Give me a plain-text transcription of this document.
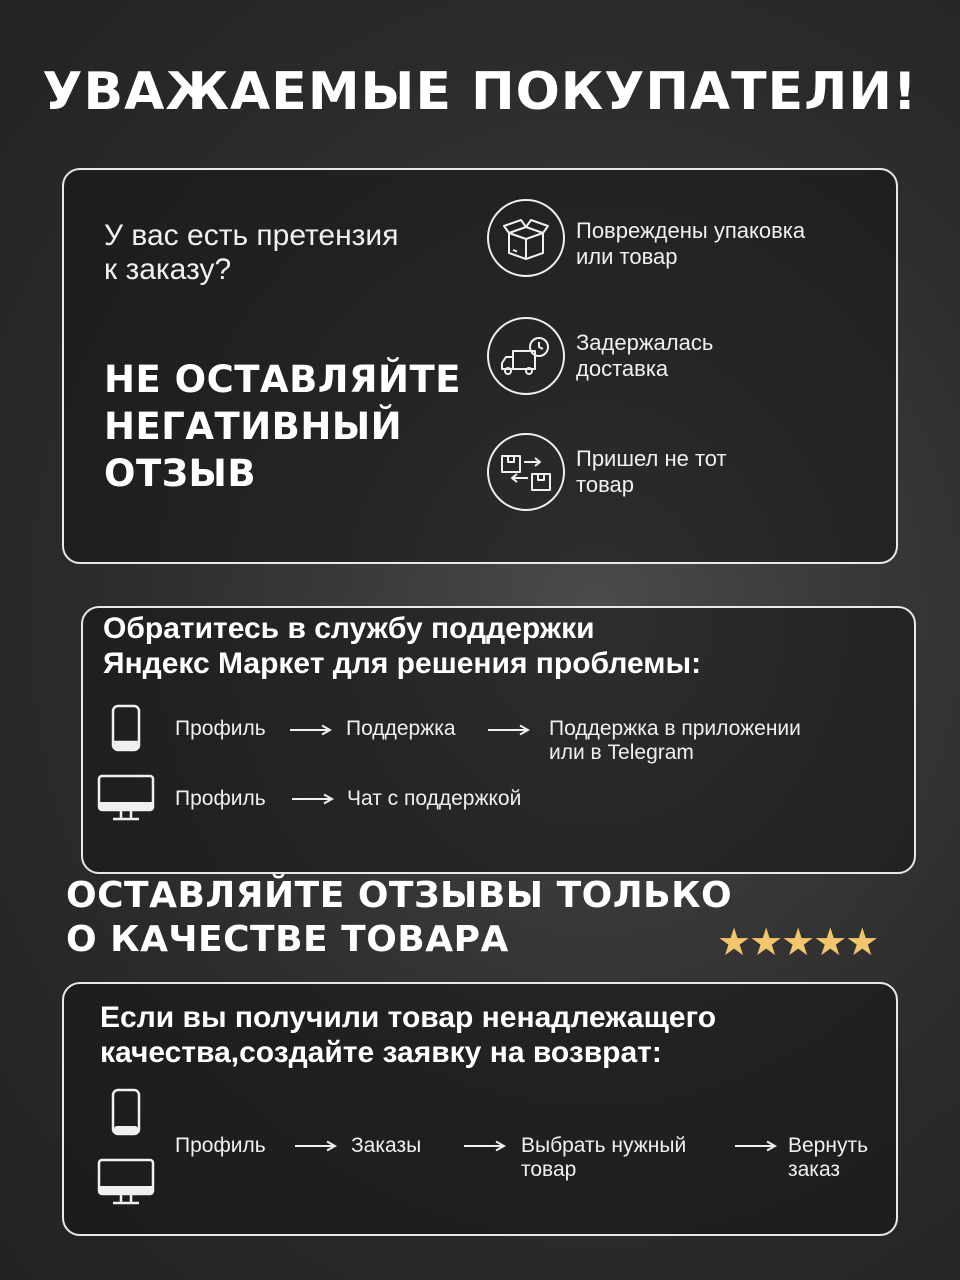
УВАЖАЕМЫЕ ПОКУПАТЕЛИ!
У вас есть претензия
к заказу?
НЕ ОСТАВЛЯЙТЕ
НЕГАТИВНЫЙ
ОТЗЫВ
Повреждены упаковка
или товар
Задержалась
доставка
Пришел не тот
товар
Обратитесь в службу поддержки
Яндекс Маркет для решения проблемы:
Профиль	Поддержка	Поддержка в приложении
или в Telegram
Профиль	Чат с поддержкой
ОСТАВЛЯЙТЕ ОТЗЫВЫ ТОЛЬКО
О КАЧЕСТВЕ ТОВАРА	★★★★★
Если вы получили товар ненадлежащего
качества,создайте заявку на возврат:
Профиль	Заказы	Выбрать нужный
товар
Вернуть
заказ
